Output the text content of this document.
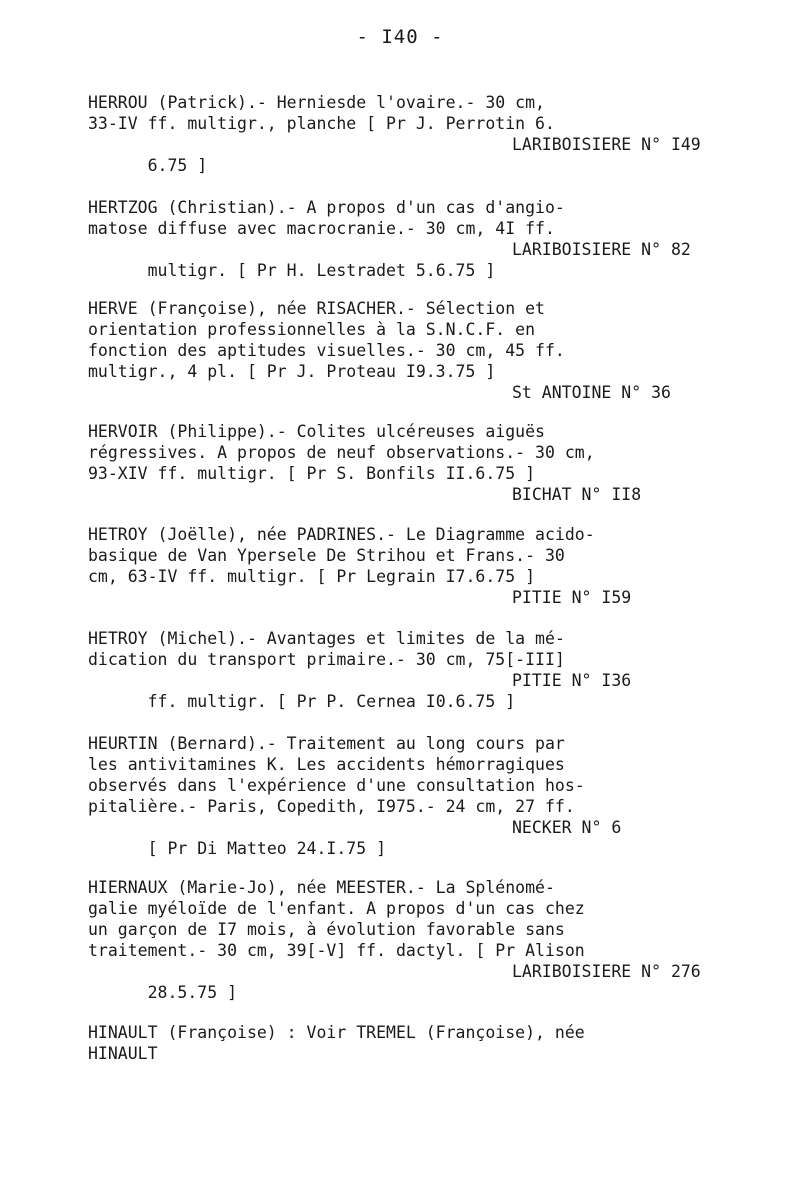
- I40 -
HERROU (Patrick).- Herniesde l'ovaire.- 30 cm,
33-IV ff. multigr., planche [ Pr J. Perrotin 6.

6.75 ]

LARIBOISIERE N° I49

HERTZOG (Christian).- A propos d'un cas d'angio-
matose diffuse avec macrocranie.- 30 cm, 4I ff.

multigr. [ Pr H. Lestradet 5.6.75 ]

LARIBOISIERE N° 82

HERVE (Françoise), née RISACHER.- Sélection et
orientation professionnelles à la S.N.C.F. en
fonction des aptitudes visuelles.- 30 cm, 45 ff.
multigr., 4 pl. [ Pr J. Proteau I9.3.75 ]

St ANTOINE N° 36

HERVOIR (Philippe).- Colites ulcéreuses aiguës
régressives. A propos de neuf observations.- 30 cm,
93-XIV ff. multigr. [ Pr S. Bonfils II.6.75 ]

BICHAT N° II8

HETROY (Joëlle), née PADRINES.- Le Diagramme acido-
basique de Van Ypersele De Strihou et Frans.- 30
cm, 63-IV ff. multigr. [ Pr Legrain I7.6.75 ]

PITIE N° I59

HETROY (Michel).- Avantages et limites de la mé-
dication du transport primaire.- 30 cm, 75[-III]

ff. multigr. [ Pr P. Cernea I0.6.75 ]

PITIE N° I36

HEURTIN (Bernard).- Traitement au long cours par
les antivitamines K. Les accidents hémorragiques
observés dans l'expérience d'une consultation hos-
pitalière.- Paris, Copedith, I975.- 24 cm, 27 ff.

[ Pr Di Matteo 24.I.75 ]

NECKER N° 6

HIERNAUX (Marie-Jo), née MEESTER.- La Splénomé-
galie myéloïde de l'enfant. A propos d'un cas chez
un garçon de I7 mois, à évolution favorable sans
traitement.- 30 cm, 39[-V] ff. dactyl. [ Pr Alison

28.5.75 ]

LARIBOISIERE N° 276

HINAULT (Françoise) : Voir TREMEL (Françoise), née
HINAULT
